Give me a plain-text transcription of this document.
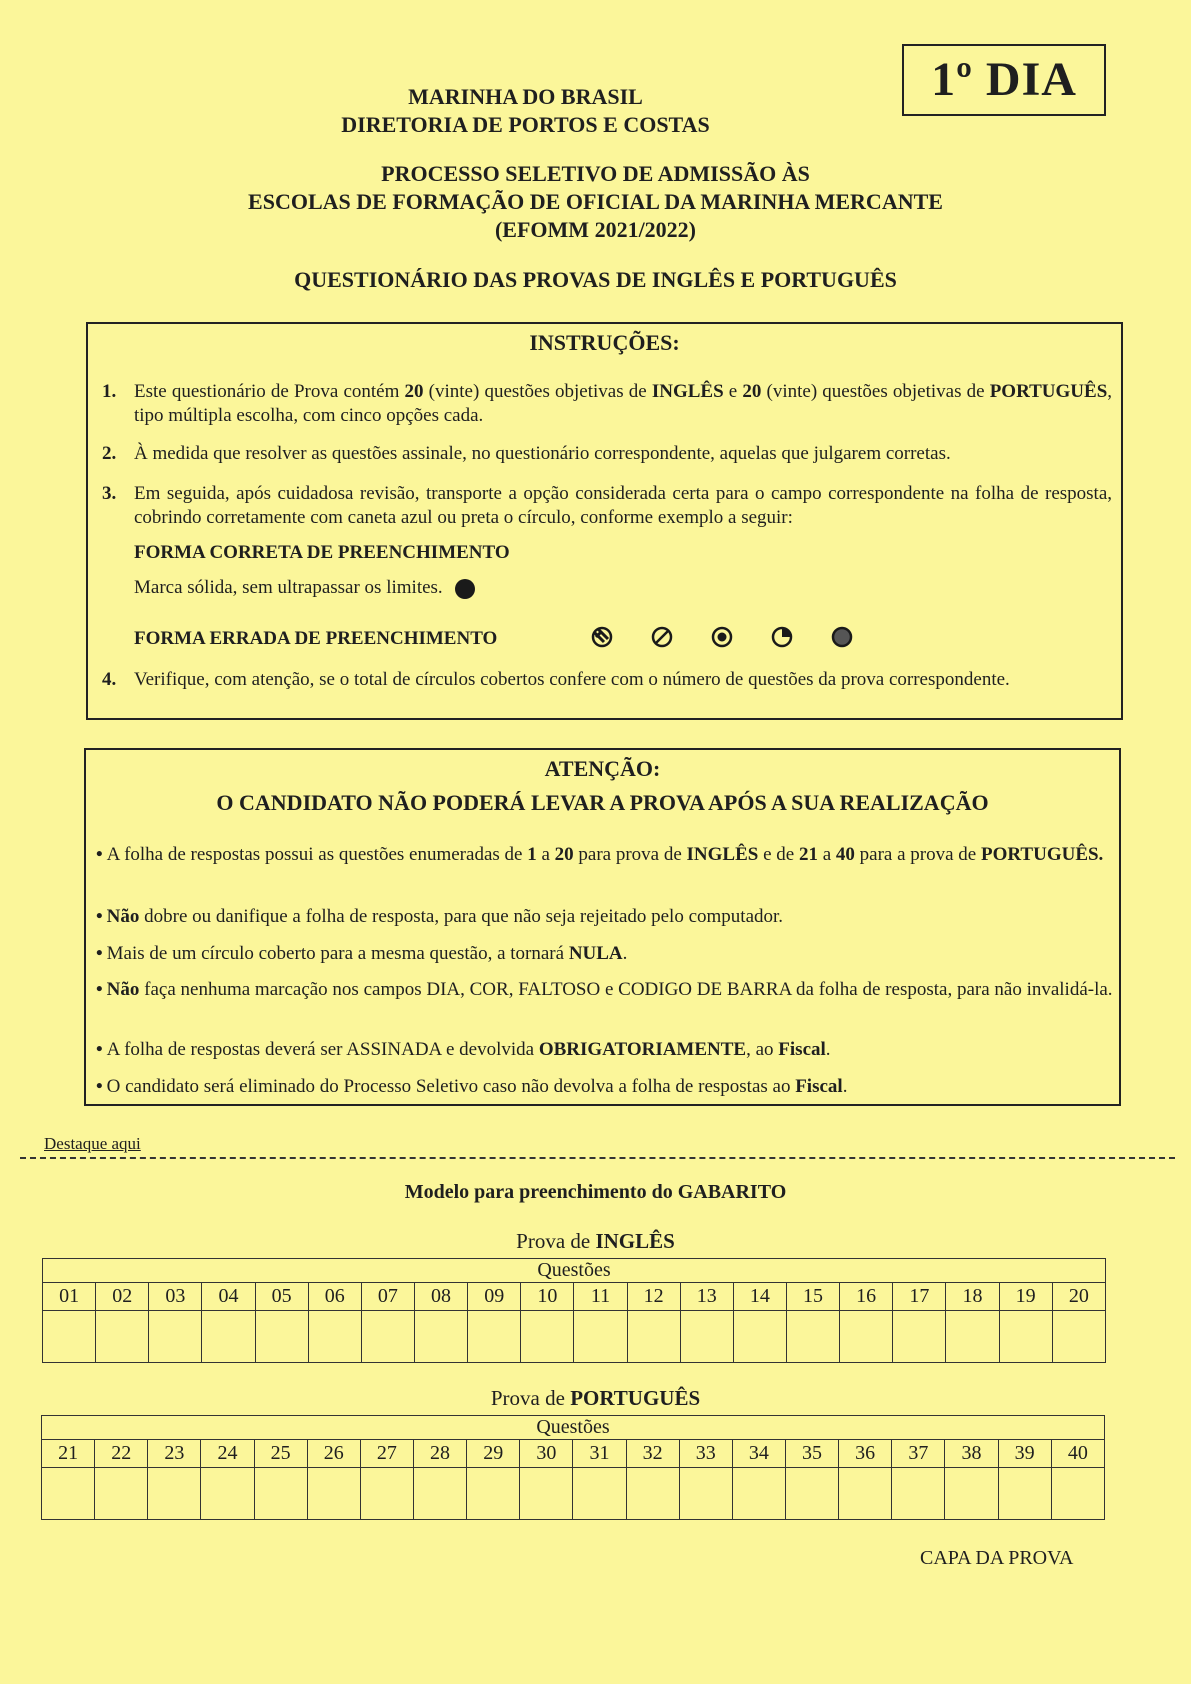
1º DIA
MARINHA DO BRASIL
DIRETORIA DE PORTOS E COSTAS
PROCESSO SELETIVO DE ADMISSÃO ÀS
ESCOLAS DE FORMAÇÃO DE OFICIAL DA MARINHA MERCANTE
(EFOMM 2021/2022)
QUESTIONÁRIO DAS PROVAS DE INGLÊS E PORTUGUÊS
INSTRUÇÕES:
1. Este questionário de Prova contém 20 (vinte) questões objetivas de INGLÊS e 20 (vinte) questões objetivas de PORTUGUÊS, tipo múltipla escolha, com cinco opções cada.
2. À medida que resolver as questões assinale, no questionário correspondente, aquelas que julgarem corretas.
3. Em seguida, após cuidadosa revisão, transporte a opção considerada certa para o campo correspondente na folha de resposta, cobrindo corretamente com caneta azul ou preta o círculo, conforme exemplo a seguir:
FORMA CORRETA DE PREENCHIMENTO
Marca sólida, sem ultrapassar os limites.
FORMA ERRADA DE PREENCHIMENTO

4. Verifique, com atenção, se o total de círculos cobertos confere com o número de questões da prova correspondente.
ATENÇÃO:
O CANDIDATO NÃO PODERÁ LEVAR A PROVA APÓS A SUA REALIZAÇÃO
• A folha de respostas possui as questões enumeradas de 1 a 20 para prova de INGLÊS e de 21 a 40 para a prova de PORTUGUÊS.
• Não dobre ou danifique a folha de resposta, para que não seja rejeitado pelo computador.
• Mais de um círculo coberto para a mesma questão, a tornará NULA.
• Não faça nenhuma marcação nos campos DIA, COR, FALTOSO e CODIGO DE BARRA da folha de resposta, para não invalidá-la.
• A folha de respostas deverá ser ASSINADA e devolvida OBRIGATORIAMENTE, ao Fiscal.
• O candidato será eliminado do Processo Seletivo caso não devolva a folha de respostas ao Fiscal.
Destaque aqui
Modelo para preenchimento do GABARITO
Prova de INGLÊS
Questões																			
01	02	03	04	05	06	07	08	09	10	11	12	13	14	15	16	17	18	19	20

Prova de PORTUGUÊS
Questões																			
21	22	23	24	25	26	27	28	29	30	31	32	33	34	35	36	37	38	39	40

CAPA DA PROVA
